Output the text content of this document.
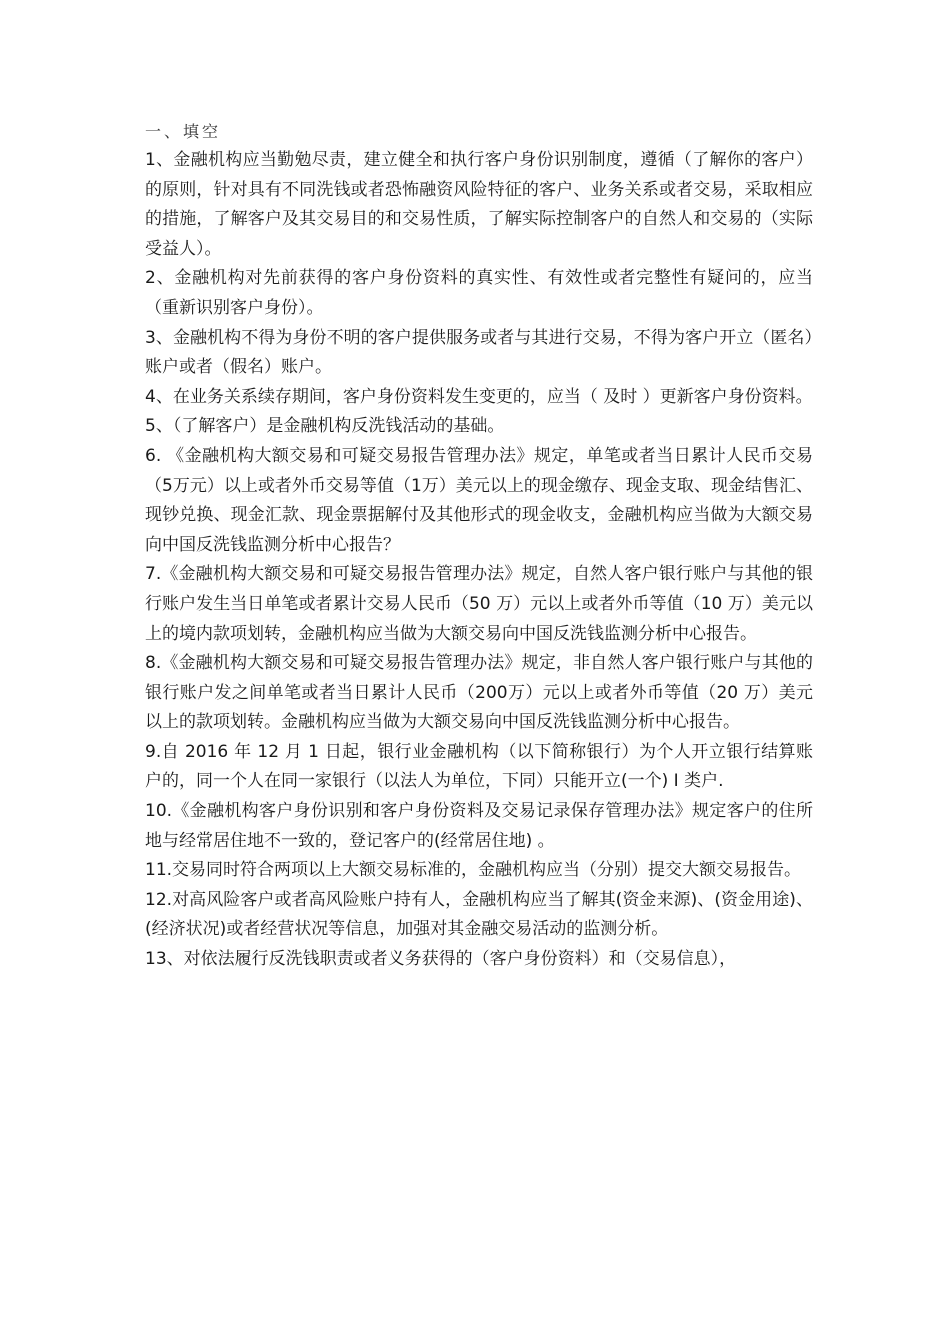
一、填空

1、金融机构应当勤勉尽责，建立健全和执行客户身份识别制度，遵循（了解你的客户）的原则，针对具有不同洗钱或者恐怖融资风险特征的客户、业务关系或者交易，采取相应的措施，了解客户及其交易目的和交易性质，了解实际控制客户的自然人和交易的（实际受益人）。

2、金融机构对先前获得的客户身份资料的真实性、有效性或者完整性有疑问的，应当（重新识别客户身份）。

3、金融机构不得为身份不明的客户提供服务或者与其进行交易，不得为客户开立（匿名）账户或者（假名）账户。

4、在业务关系续存期间，客户身份资料发生变更的，应当（ 及时 ）更新客户身份资料。

5、（了解客户）是金融机构反洗钱活动的基础。

6. 《金融机构大额交易和可疑交易报告管理办法》规定，单笔或者当日累计人民币交易（5万元）以上或者外币交易等值（1万）美元以上的现金缴存、现金支取、现金结售汇、现钞兑换、现金汇款、现金票据解付及其他形式的现金收支，金融机构应当做为大额交易向中国反洗钱监测分析中心报告？

7.《金融机构大额交易和可疑交易报告管理办法》规定，自然人客户银行账户与其他的银行账户发生当日单笔或者累计交易人民币（50 万）元以上或者外币等值（10 万）美元以上的境内款项划转，金融机构应当做为大额交易向中国反洗钱监测分析中心报告。

8.《金融机构大额交易和可疑交易报告管理办法》规定，非自然人客户银行账户与其他的银行账户发之间单笔或者当日累计人民币（200万）元以上或者外币等值（20 万）美元以上的款项划转。金融机构应当做为大额交易向中国反洗钱监测分析中心报告。

9.自 2016 年 12 月 1 日起，银行业金融机构（以下简称银行）为个人开立银行结算账户的，同一个人在同一家银行（以法人为单位，下同）只能开立(一个) I 类户.

10.《金融机构客户身份识别和客户身份资料及交易记录保存管理办法》规定客户的住所地与经常居住地不一致的，登记客户的(经常居住地) 。

11.交易同时符合两项以上大额交易标准的，金融机构应当（分别）提交大额交易报告。

12.对高风险客户或者高风险账户持有人，金融机构应当了解其(资金来源)、(资金用途)、(经济状况)或者经营状况等信息，加强对其金融交易活动的监测分析。

13、对依法履行反洗钱职责或者义务获得的（客户身份资料）和（交易信息），
